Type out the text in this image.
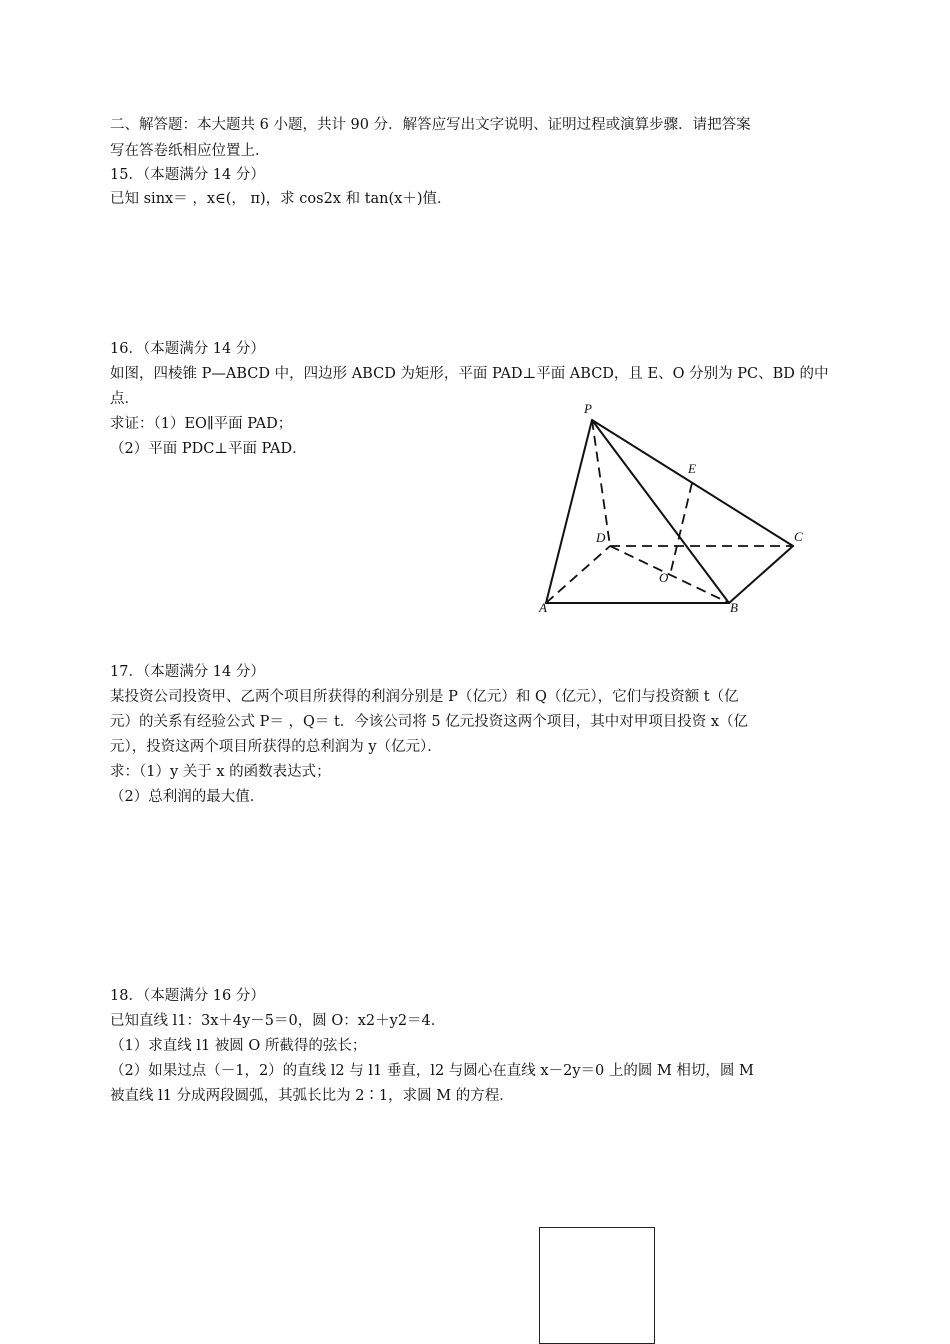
二、解答题：本大题共 6 小题，共计 90 分．解答应写出文字说明、证明过程或演算步骤．请把答案
写在答卷纸相应位置上．
15．（本题满分 14 分）
已知 sinx＝ ，x∈(， π)，求 cos2x 和 tan(x＋)值．
16．（本题满分 14 分）
如图，四棱锥 P—ABCD 中，四边形 ABCD 为矩形，平面 PAD⊥平面 ABCD，且 E、O 分别为 PC、BD 的中
点．
求证：（1）EO∥平面 PAD；
（2）平面 PDC⊥平面 PAD．
P
E
C
D
O
A	B
17．（本题满分 14 分）
某投资公司投资甲、乙两个项目所获得的利润分别是 P（亿元）和 Q（亿元），它们与投资额 t（亿
元）的关系有经验公式 P＝ ，Q＝ t．今该公司将 5 亿元投资这两个项目，其中对甲项目投资 x（亿
元），投资这两个项目所获得的总利润为 y（亿元）．
求：（1）y 关于 x 的函数表达式；
（2）总利润的最大值．
18．（本题满分 16 分）
已知直线 l1：3x＋4y－5＝0，圆 O：x2＋y2＝4．
（1）求直线 l1 被圆 O 所截得的弦长；
（2）如果过点（－1，2）的直线 l2 与 l1 垂直，l2 与圆心在直线 x－2y＝0 上的圆 M 相切，圆 M
被直线 l1 分成两段圆弧，其弧长比为 2∶1，求圆 M 的方程．
